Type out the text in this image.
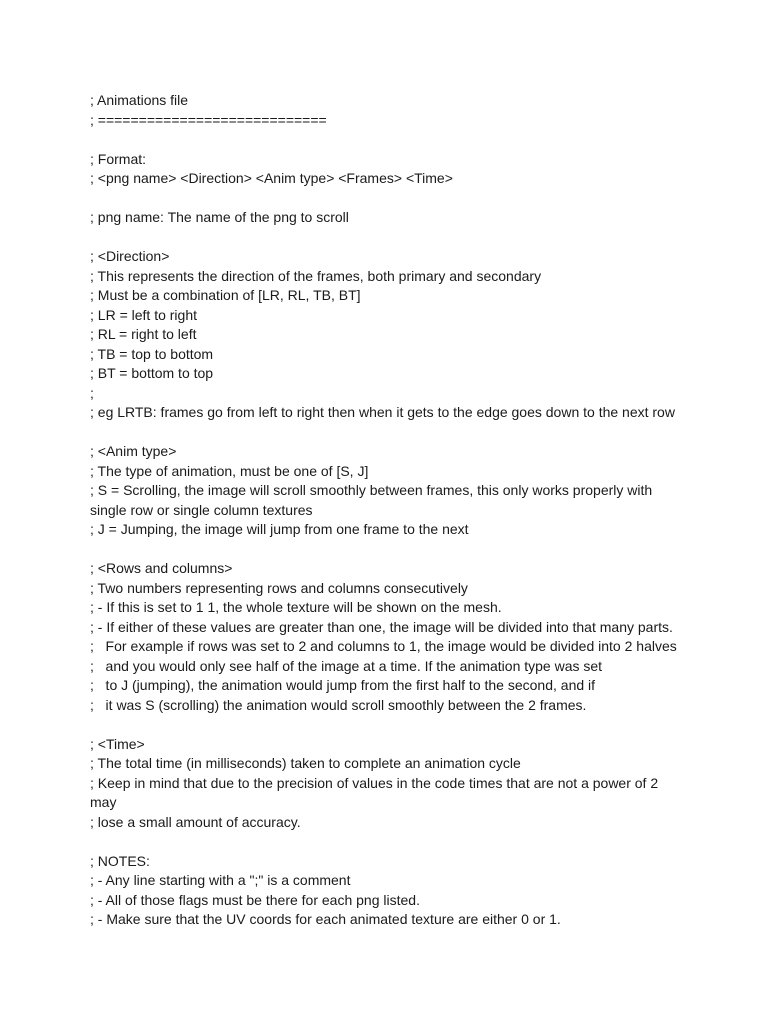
; Animations file
; ============================
; Format:
; <png name> <Direction> <Anim type> <Frames> <Time>
; png name: The name of the png to scroll
; <Direction>
; This represents the direction of the frames, both primary and secondary
; Must be a combination of [LR, RL, TB, BT]
; LR = left to right
; RL = right to left
; TB = top to bottom
; BT = bottom to top
;
; eg LRTB: frames go from left to right then when it gets to the edge goes down to the next row
; <Anim type>
; The type of animation, must be one of [S, J]
; S = Scrolling, the image will scroll smoothly between frames, this only works properly with single row or single column textures
; J = Jumping, the image will jump from one frame to the next
; <Rows and columns>
; Two numbers representing rows and columns consecutively
; - If this is set to 1 1, the whole texture will be shown on the mesh.
; - If either of these values are greater than one, the image will be divided into that many parts.
;   For example if rows was set to 2 and columns to 1, the image would be divided into 2 halves
;   and you would only see half of the image at a time. If the animation type was set
;   to J (jumping), the animation would jump from the first half to the second, and if
;   it was S (scrolling) the animation would scroll smoothly between the 2 frames.
; <Time>
; The total time (in milliseconds) taken to complete an animation cycle
; Keep in mind that due to the precision of values in the code times that are not a power of 2 may
; lose a small amount of accuracy.
; NOTES:
; - Any line starting with a ";" is a comment
; - All of those flags must be there for each png listed.
; - Make sure that the UV coords for each animated texture are either 0 or 1.
